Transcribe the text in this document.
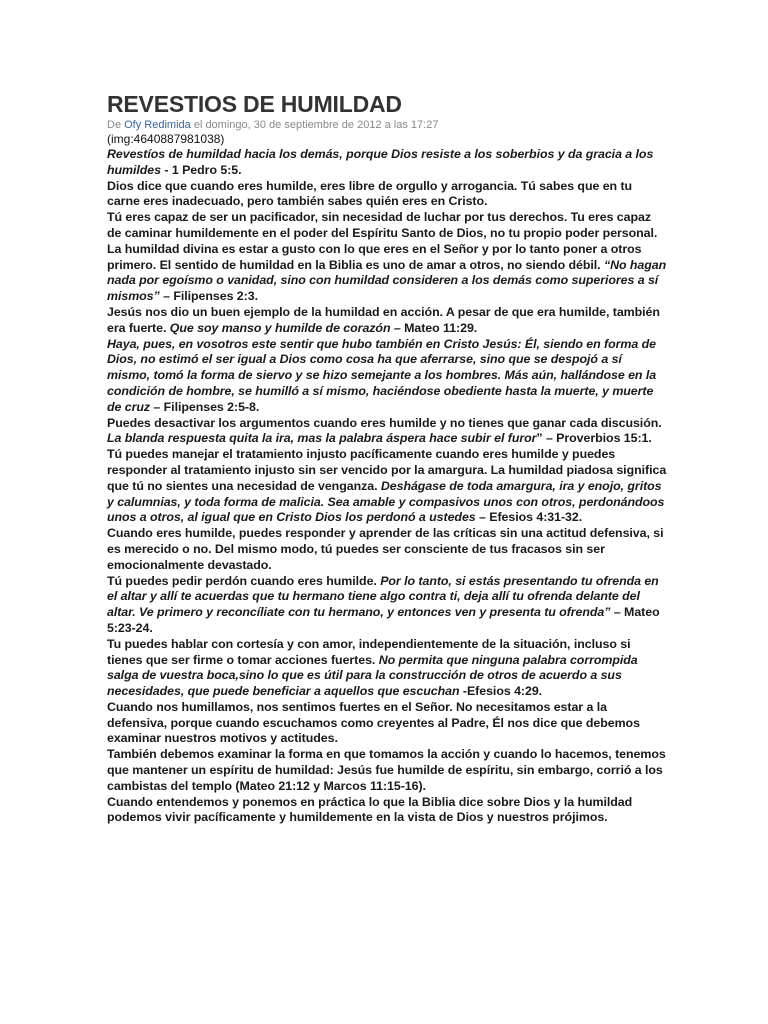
REVESTIOS DE HUMILDAD

De Ofy Redimida el domingo, 30 de septiembre de 2012 a las 17:27

(img:4640887981038)

Revestíos de humildad hacia los demás, porque Dios resiste a los soberbios y da gracia a los humildes - 1 Pedro 5:5.

Dios dice que cuando eres humilde, eres libre de orgullo y arrogancia. Tú sabes que en tu carne eres inadecuado, pero también sabes quién eres en Cristo.

Tú eres capaz de ser un pacificador, sin necesidad de luchar por tus derechos. Tu eres capaz de caminar humildemente en el poder del Espíritu Santo de Dios, no tu propio poder personal.

La humildad divina es estar a gusto con lo que eres en el Señor y por lo tanto poner a otros primero. El sentido de humildad en la Biblia es uno de amar a otros, no siendo débil. “No hagan nada por egoísmo o vanidad, sino con humildad consideren a los demás como superiores a sí mismos” – Filipenses 2:3.

Jesús nos dio un buen ejemplo de la humildad en acción. A pesar de que era humilde, también era fuerte. Que soy manso y humilde de corazón – Mateo 11:29.

Haya, pues, en vosotros este sentir que hubo también en Cristo Jesús: Él, siendo en forma de Dios, no estimó el ser igual a Dios como cosa ha que aferrarse, sino que se despojó a sí mismo, tomó la forma de siervo y se hizo semejante a los hombres. Más aún, hallándose en la condición de hombre, se humilló a sí mismo, haciéndose obediente hasta la muerte, y muerte de cruz – Filipenses 2:5-8.

Puedes desactivar los argumentos cuando eres humilde y no tienes que ganar cada discusión. La blanda respuesta quita la ira, mas la palabra áspera hace subir el furor” – Proverbios 15:1.

Tú puedes manejar el tratamiento injusto pacíficamente cuando eres humilde y puedes responder al tratamiento injusto sin ser vencido por la amargura. La humildad piadosa significa que tú no sientes una necesidad de venganza. Deshágase de toda amargura, ira y enojo, gritos y calumnias, y toda forma de malicia. Sea amable y compasivos unos con otros, perdonándoos unos a otros, al igual que en Cristo Dios los perdonó a ustedes – Efesios 4:31-32.

Cuando eres humilde, puedes responder y aprender de las críticas sin una actitud defensiva, si es merecido o no. Del mismo modo, tú puedes ser consciente de tus fracasos sin ser emocionalmente devastado.

Tú puedes pedir perdón cuando eres humilde. Por lo tanto, si estás presentando tu ofrenda en el altar y allí te acuerdas que tu hermano tiene algo contra ti, deja allí tu ofrenda delante del altar. Ve primero y reconcíliate con tu hermano, y entonces ven y presenta tu ofrenda” – Mateo 5:23-24.

Tu puedes hablar con cortesía y con amor, independientemente de la situación, incluso si tienes que ser firme o tomar acciones fuertes. No permita que ninguna palabra corrompida salga de vuestra boca,sino lo que es útil para la construcción de otros de acuerdo a sus necesidades, que puede beneficiar a aquellos que escuchan -Efesios 4:29.

Cuando nos humillamos, nos sentimos fuertes en el Señor. No necesitamos estar a la defensiva, porque cuando escuchamos como creyentes al Padre, Él nos dice que debemos examinar nuestros motivos y actitudes.

También debemos examinar la forma en que tomamos la acción y cuando lo hacemos, tenemos que mantener un espíritu de humildad: Jesús fue humilde de espíritu, sin embargo, corrió a los cambistas del templo (Mateo 21:12 y Marcos 11:15-16).

Cuando entendemos y ponemos en práctica lo que la Biblia dice sobre Dios y la humildad podemos vivir pacíficamente y humildemente en la vista de Dios y nuestros prójimos.
